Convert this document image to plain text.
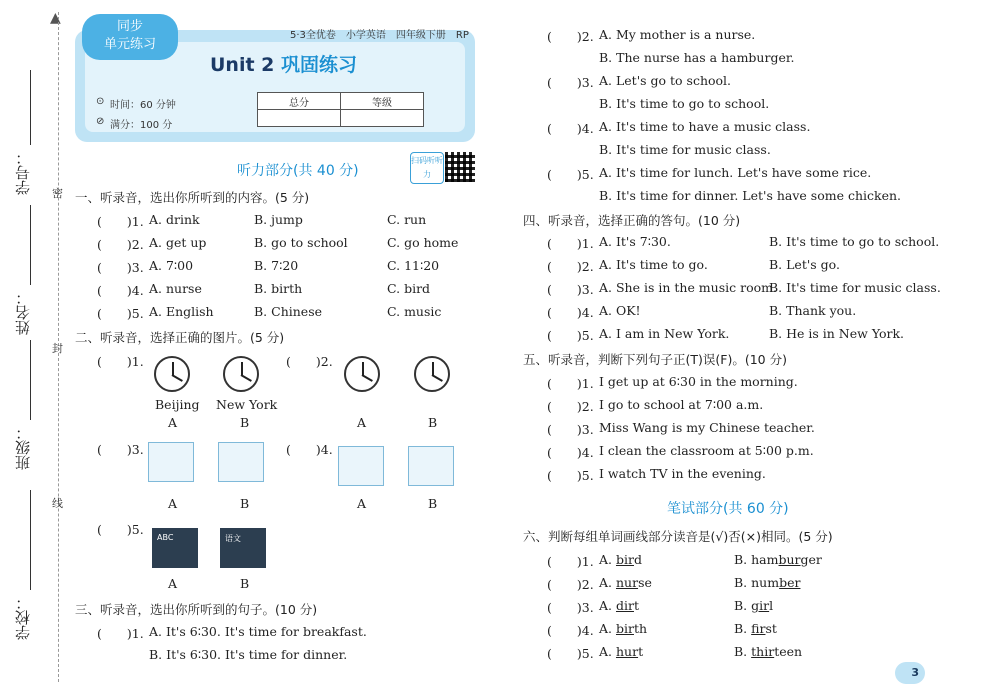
▲
学号：
姓名：
班级：
学校：
密
封
线
同步
单元练习
5·3全优卷　小学英语　四年级下册　RP
Unit 2 巩固练习
⊙ 时间：60 分钟
⊘ 满分：100 分
总分	等级

听力部分(共 40 分)
扫码听听力
一、听录音，选出你所听到的内容。(5 分)
(　　)1. A. drink	B. jump	C. run
(　　)2. A. get up	B. go to school	C. go home
(　　)3. A. 7∶00	B. 7∶20	C. 11∶20
(　　)4. A. nurse	B. birth	C. bird
(　　)5. A. English	B. Chinese	C. music
二、听录音，选择正确的图片。(5 分)
(　　)1.
Beijing New York
A	B
(　　)2.
A	B
(　　)3.
A	B
(　　)4.
A	B
(　　)5.
ABC	语文
A	B
三、听录音，选出你所听到的句子。(10 分)
(　　)1. A. It's 6∶30. It's time for breakfast.
B. It's 6∶30. It's time for dinner.
(　　)2. A. My mother is a nurse.
B. The nurse has a hamburger.
(　　)3. A. Let's go to school.
B. It's time to go to school.
(　　)4. A. It's time to have a music class.
B. It's time for music class.
(　　)5. A. It's time for lunch. Let's have some rice.
B. It's time for dinner. Let's have some chicken.
四、听录音，选择正确的答句。(10 分)
(　　)1. A. It's 7∶30.	B. It's time to go to school.
(　　)2. A. It's time to go.	B. Let's go.
(　　)3. A. She is in the music room.
B. It's time for music class.
(　　)4. A. OK!	B. Thank you.
(　　)5. A. I am in New York.	B. He is in New York.
五、听录音，判断下列句子正(T)误(F)。(10 分)
(　　)1. I get up at 6∶30 in the morning.
(　　)2. I go to school at 7∶00 a.m.
(　　)3. Miss Wang is my Chinese teacher.
(　　)4. I clean the classroom at 5∶00 p.m.
(　　)5. I watch TV in the evening.
笔试部分(共 60 分)
六、判断每组单词画线部分读音是(√)否(×)相同。(5 分)
(　　)1. A. bird	B. hamburger
(　　)2. A. nurse	B. number
(　　)3. A. dirt	B. girl
(　　)4. A. birth	B. first
(　　)5. A. hurt	B. thirteen
3
